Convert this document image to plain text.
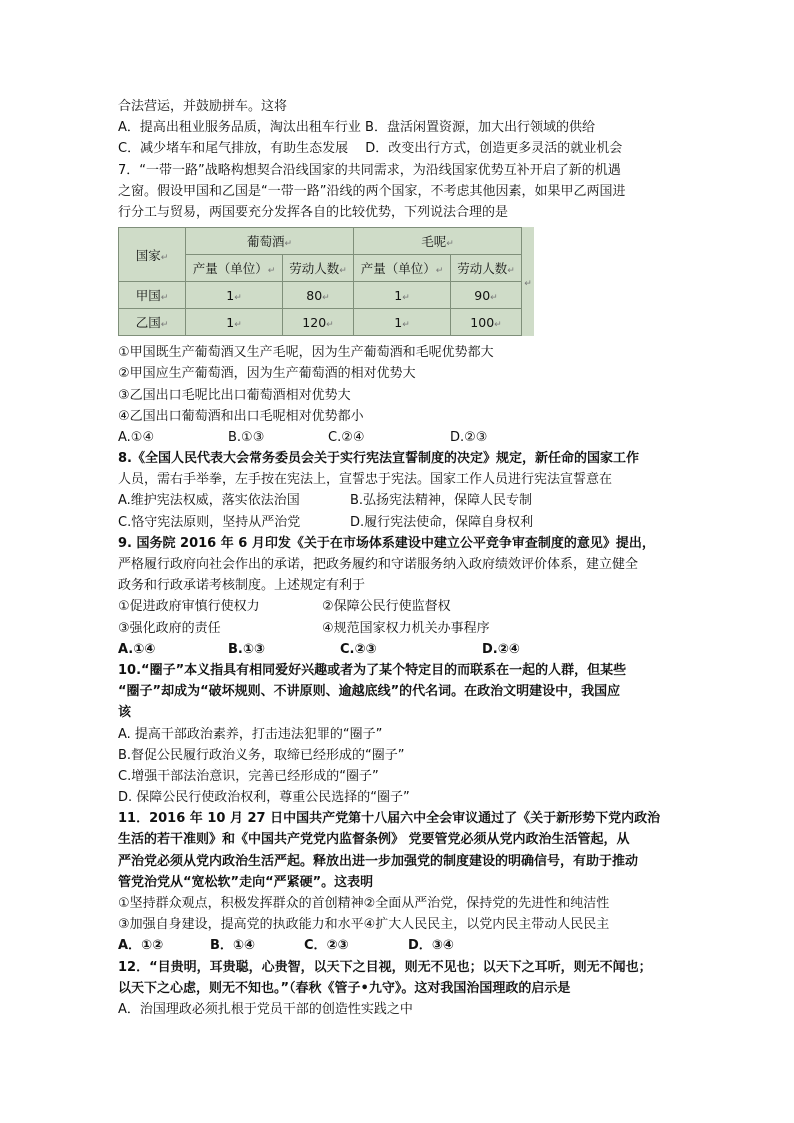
合法营运，并鼓励拼车。这将
A．提高出租业服务品质，淘汰出租车行业 B．盘活闲置资源，加大出行领域的供给
C．减少堵车和尾气排放，有助生态发展　 D．改变出行方式，创造更多灵活的就业机会
7．“一带一路”战略构想契合沿线国家的共同需求，为沿线国家优势互补开启了新的机遇
之窗。假设甲国和乙国是“一带一路”沿线的两个国家，不考虑其他因素，如果甲乙两国进
行分工与贸易，两国要充分发挥各自的比较优势，下列说法合理的是
国家↵	葡萄酒↵		毛呢↵		↵
	产量（单位）↵	劳动人数↵	产量（单位）↵	劳动人数↵	
甲国↵	1↵	80↵	1↵	90↵	
乙国↵	1↵	120↵	1↵	100↵	
①甲国既生产葡萄酒又生产毛呢，因为生产葡萄酒和毛呢优势都大
②甲国应生产葡萄酒，因为生产葡萄酒的相对优势大
③乙国出口毛呢比出口葡萄酒相对优势大
④乙国出口葡萄酒和出口毛呢相对优势都小
A.①④	B.①③	C.②④	D.②③
8.《全国人民代表大会常务委员会关于实行宪法宣誓制度的决定》规定，新任命的国家工作
人员，需右手举拳，左手按在宪法上，宣誓忠于宪法。国家工作人员进行宪法宣誓意在
A.维护宪法权威，落实依法治国	B.弘扬宪法精神，保障人民专制
C.恪守宪法原则，坚持从严治党	D.履行宪法使命，保障自身权利
9. 国务院 2016 年 6 月印发《关于在市场体系建设中建立公平竞争审查制度的意见》提出，
严格履行政府向社会作出的承诺，把政务履约和守诺服务纳入政府绩效评价体系，建立健全
政务和行政承诺考核制度。上述规定有利于
①促进政府审慎行使权力	②保障公民行使监督权
③强化政府的责任	④规范国家权力机关办事程序
A.①④	B.①③	C.②③	D.②④
10.“圈子”本义指具有相同爱好兴趣或者为了某个特定目的而联系在一起的人群，但某些
“圈子”却成为“破坏规则、不讲原则、逾越底线”的代名词。在政治文明建设中，我国应
该
A. 提高干部政治素养，打击违法犯罪的“圈子”
B.督促公民履行政治义务，取缔已经形成的“圈子”
C.增强干部法治意识，完善已经形成的“圈子”
D. 保障公民行使政治权利，尊重公民选择的“圈子”
11．2016 年 10 月 27 日中国共产党第十八届六中全会审议通过了《关于新形势下党内政治
生活的若干准则》和《中国共产党党内监督条例》 党要管党必须从党内政治生活管起，从
严治党必须从党内政治生活严起。释放出进一步加强党的制度建设的明确信号，有助于推动
管党治党从“宽松软”走向“严紧硬”。这表明
①坚持群众观点，积极发挥群众的首创精神②全面从严治党，保持党的先进性和纯洁性
③加强自身建设，提高党的执政能力和水平④扩大人民民主，以党内民主带动人民民主
A．①②	B．①④	C．②③	D．③④
12．“目贵明，耳贵聪，心贵智，以天下之目视，则无不见也；以天下之耳听，则无不闻也；
以天下之心虑，则无不知也。”（春秋《管子•九守》。这对我国治国理政的启示是
A．治国理政必须扎根于党员干部的创造性实践之中
